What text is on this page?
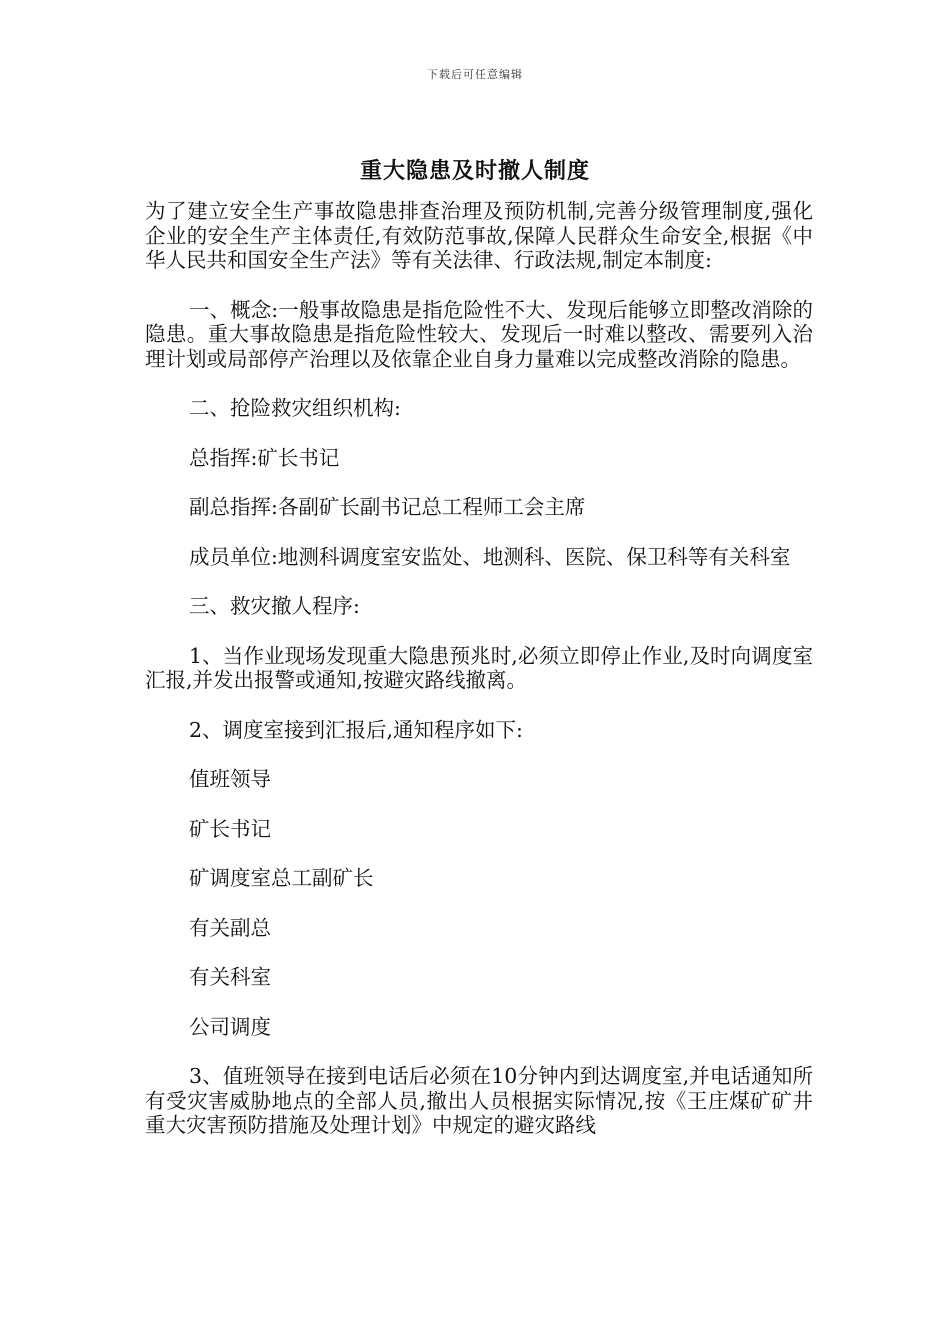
下载后可任意编辑
重大隐患及时撤人制度

为了建立安全生产事故隐患排查治理及预防机制,完善分级管理制度,强化企业的安全生产主体责任,有效防范事故,保障人民群众生命安全,根据《中华人民共和国安全生产法》等有关法律、行政法规,制定本制度:

一、概念:一般事故隐患是指危险性不大、发现后能够立即整改消除的隐患。重大事故隐患是指危险性较大、发现后一时难以整改、需要列入治理计划或局部停产治理以及依靠企业自身力量难以完成整改消除的隐患。

二、抢险救灾组织机构:

总指挥:矿长书记

副总指挥:各副矿长副书记总工程师工会主席

成员单位:地测科调度室安监处、地测科、医院、保卫科等有关科室

三、救灾撤人程序:

1、当作业现场发现重大隐患预兆时,必须立即停止作业,及时向调度室汇报,并发出报警或通知,按避灾路线撤离。

2、调度室接到汇报后,通知程序如下:

值班领导

矿长书记

矿调度室总工副矿长

有关副总

有关科室

公司调度

3、值班领导在接到电话后必须在10分钟内到达调度室,并电话通知所有受灾害威胁地点的全部人员,撤出人员根据实际情况,按《王庄煤矿矿井重大灾害预防措施及处理计划》中规定的避灾路线
